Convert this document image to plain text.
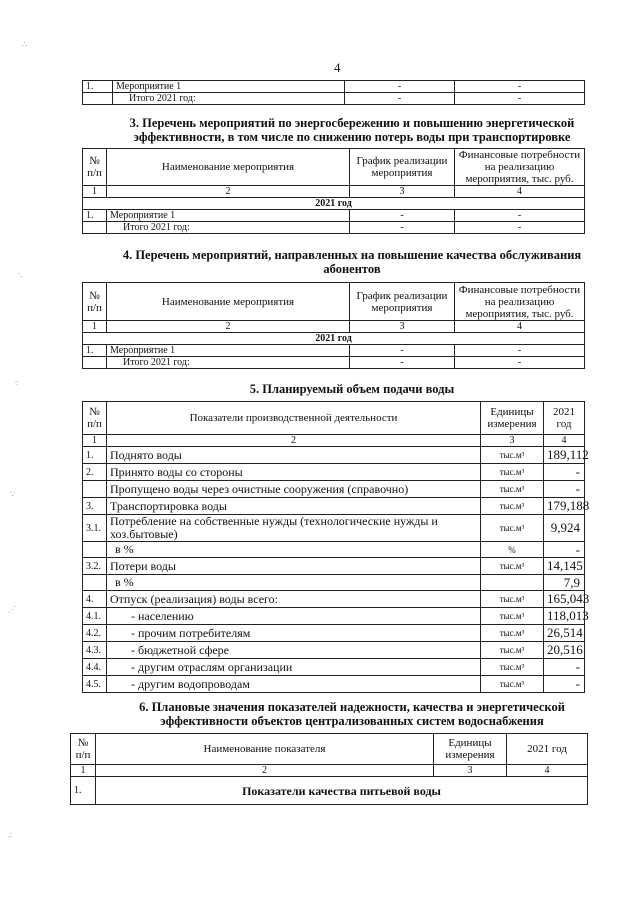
4
∴
·.
∙:
∵
⋰
.:
1.	Мероприятие 1	-	-
	Итого 2021 год:	-	-
3. Перечень мероприятий по энергосбережению и повышению энергетической
эффективности, в том числе по снижению потерь воды при транспортировке
№ п/п	Наименование мероприятия	График реализации мероприятия	Финансовые потребности на реализацию мероприятия, тыс. руб.
1	2	3	4
2021 год			
1.	Мероприятие 1	-	-
	Итого 2021 год:	-	-
4. Перечень мероприятий, направленных на повышение качества обслуживания
абонентов
№ п/п	Наименование мероприятия	График реализации мероприятия	Финансовые потребности на реализацию мероприятия, тыс. руб.
1	2	3	4
2021 год			
1.	Мероприятие 1	-	-
	Итого 2021 год:	-	-
5. Планируемый объем подачи воды
№ п/п	Показатели производственной деятельности	Единицы измерения	2021 год
1	2	3	4
1.	Поднято воды	тыс.м³	189,112
2.	Принято воды со стороны	тыс.м³	-
	Пропущено воды через очистные сооружения (справочно)	тыс.м³	-
3.	Транспортировка воды	тыс.м³	179,188
3.1.	Потребление на собственные нужды (технологические нужды и хоз.бытовые)	тыс.м³	9,924
	в %	%	-
3.2.	Потери воды	тыс.м³	14,145
	в %		7,9
4.	Отпуск (реализация) воды всего:	тыс.м³	165,043
4.1.	- населению	тыс.м³	118,013
4.2.	- прочим потребителям	тыс.м³	26,514
4.3.	- бюджетной сфере	тыс.м³	20,516
4.4.	- другим отраслям организации	тыс.м³	-
4.5.	- другим водопроводам	тыс.м³	-
6. Плановые значения показателей надежности, качества и энергетической
эффективности объектов централизованных систем водоснабжения
№ п/п	Наименование показателя	Единицы измерения	2021 год
1	2	3	4
1.	Показатели качества питьевой воды		
